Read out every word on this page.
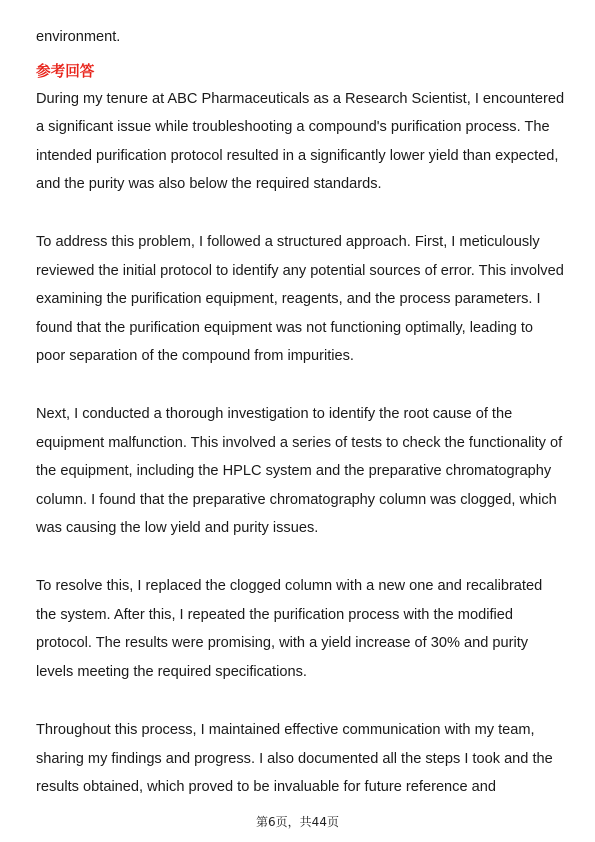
environment.
参考回答
During my tenure at ABC Pharmaceuticals as a Research Scientist, I encountered
a significant issue while troubleshooting a compound's purification process. The
intended purification protocol resulted in a significantly lower yield than expected,
and the purity was also below the required standards.
To address this problem, I followed a structured approach. First, I meticulously
reviewed the initial protocol to identify any potential sources of error. This involved
examining the purification equipment, reagents, and the process parameters. I
found that the purification equipment was not functioning optimally, leading to
poor separation of the compound from impurities.
Next, I conducted a thorough investigation to identify the root cause of the
equipment malfunction. This involved a series of tests to check the functionality of
the equipment, including the HPLC system and the preparative chromatography
column. I found that the preparative chromatography column was clogged, which
was causing the low yield and purity issues.
To resolve this, I replaced the clogged column with a new one and recalibrated
the system. After this, I repeated the purification process with the modified
protocol. The results were promising, with a yield increase of 30% and purity
levels meeting the required specifications.
Throughout this process, I maintained effective communication with my team,
sharing my findings and progress. I also documented all the steps I took and the
results obtained, which proved to be invaluable for future reference and
第6页，共44页
